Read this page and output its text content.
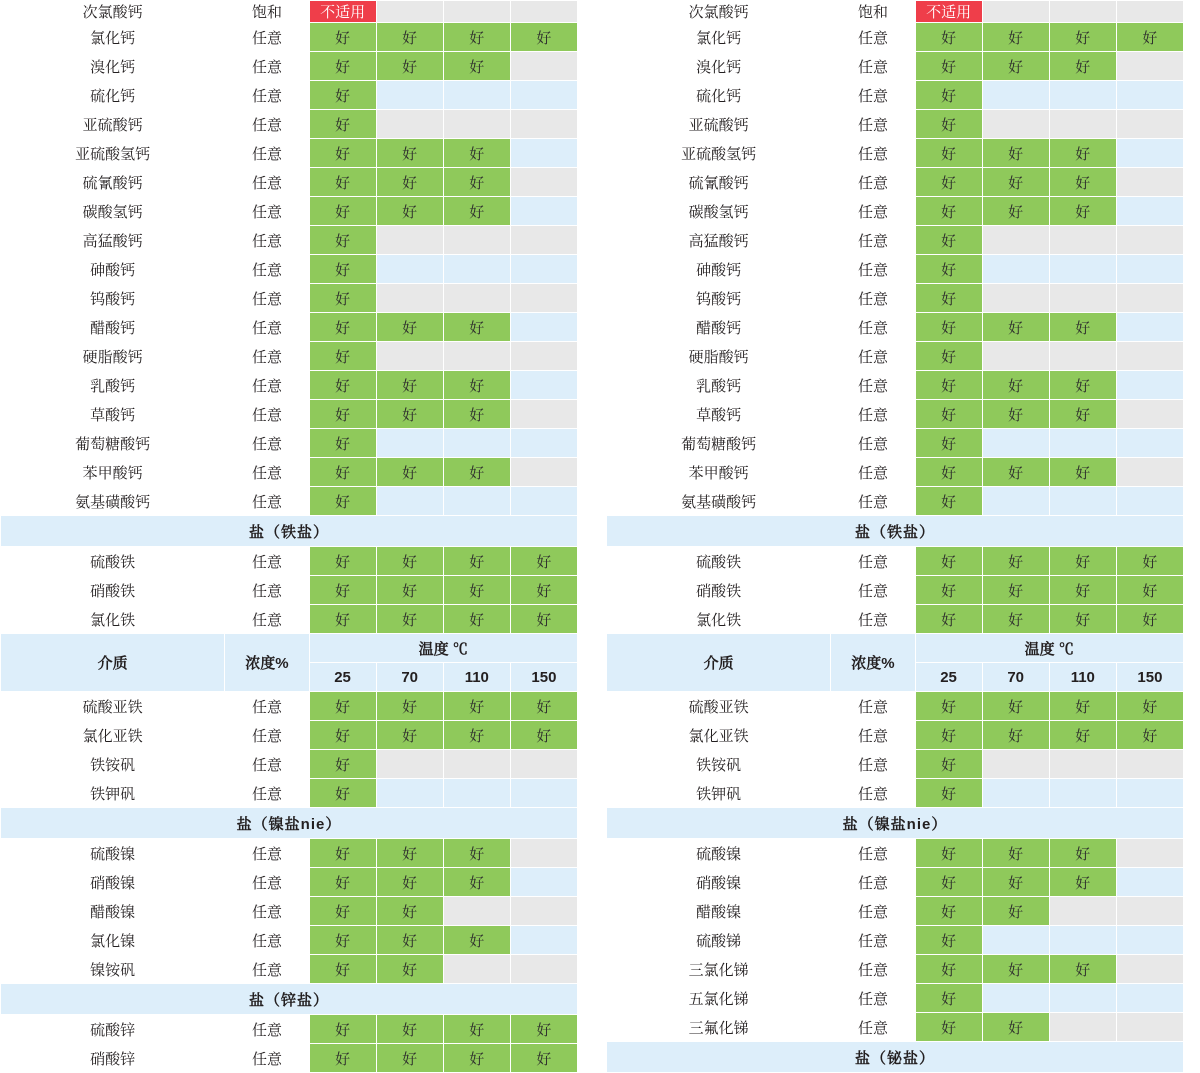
次氯酸钙	饱和	不适用			
氯化钙	任意	好	好	好	好
溴化钙	任意	好	好	好	
硫化钙	任意	好			
亚硫酸钙	任意	好			
亚硫酸氢钙	任意	好	好	好	
硫氰酸钙	任意	好	好	好	
碳酸氢钙	任意	好	好	好	
高猛酸钙	任意	好			
砷酸钙	任意	好			
钨酸钙	任意	好			
醋酸钙	任意	好	好	好	
硬脂酸钙	任意	好			
乳酸钙	任意	好	好	好	
草酸钙	任意	好	好	好	
葡萄糖酸钙	任意	好			
苯甲酸钙	任意	好	好	好	
氨基磺酸钙	任意	好			
盐（铁盐）					
硫酸铁	任意	好	好	好	好
硝酸铁	任意	好	好	好	好
氯化铁	任意	好	好	好	好
介质	浓度%	温度 ℃			
		25	70	110	150
硫酸亚铁	任意	好	好	好	好
氯化亚铁	任意	好	好	好	好
铁铵矾	任意	好			
铁钾矾	任意	好			
盐（镍盐nie）					
硫酸镍	任意	好	好	好	
硝酸镍	任意	好	好	好	
醋酸镍	任意	好	好		
氯化镍	任意	好	好	好	
镍铵矾	任意	好	好		
盐（锌盐）					
硫酸锌	任意	好	好	好	好
硝酸锌	任意	好	好	好	好
次氯酸钙	饱和	不适用			
氯化钙	任意	好	好	好	好
溴化钙	任意	好	好	好	
硫化钙	任意	好			
亚硫酸钙	任意	好			
亚硫酸氢钙	任意	好	好	好	
硫氰酸钙	任意	好	好	好	
碳酸氢钙	任意	好	好	好	
高猛酸钙	任意	好			
砷酸钙	任意	好			
钨酸钙	任意	好			
醋酸钙	任意	好	好	好	
硬脂酸钙	任意	好			
乳酸钙	任意	好	好	好	
草酸钙	任意	好	好	好	
葡萄糖酸钙	任意	好			
苯甲酸钙	任意	好	好	好	
氨基磺酸钙	任意	好			
盐（铁盐）					
硫酸铁	任意	好	好	好	好
硝酸铁	任意	好	好	好	好
氯化铁	任意	好	好	好	好
介质	浓度%	温度 ℃			
		25	70	110	150
硫酸亚铁	任意	好	好	好	好
氯化亚铁	任意	好	好	好	好
铁铵矾	任意	好			
铁钾矾	任意	好			
盐（镍盐nie）					
硫酸镍	任意	好	好	好	
硝酸镍	任意	好	好	好	
醋酸镍	任意	好	好		
硫酸锑	任意	好			
三氯化锑	任意	好	好	好	
五氯化锑	任意	好			
三氟化锑	任意	好	好		
盐（铋盐）					
